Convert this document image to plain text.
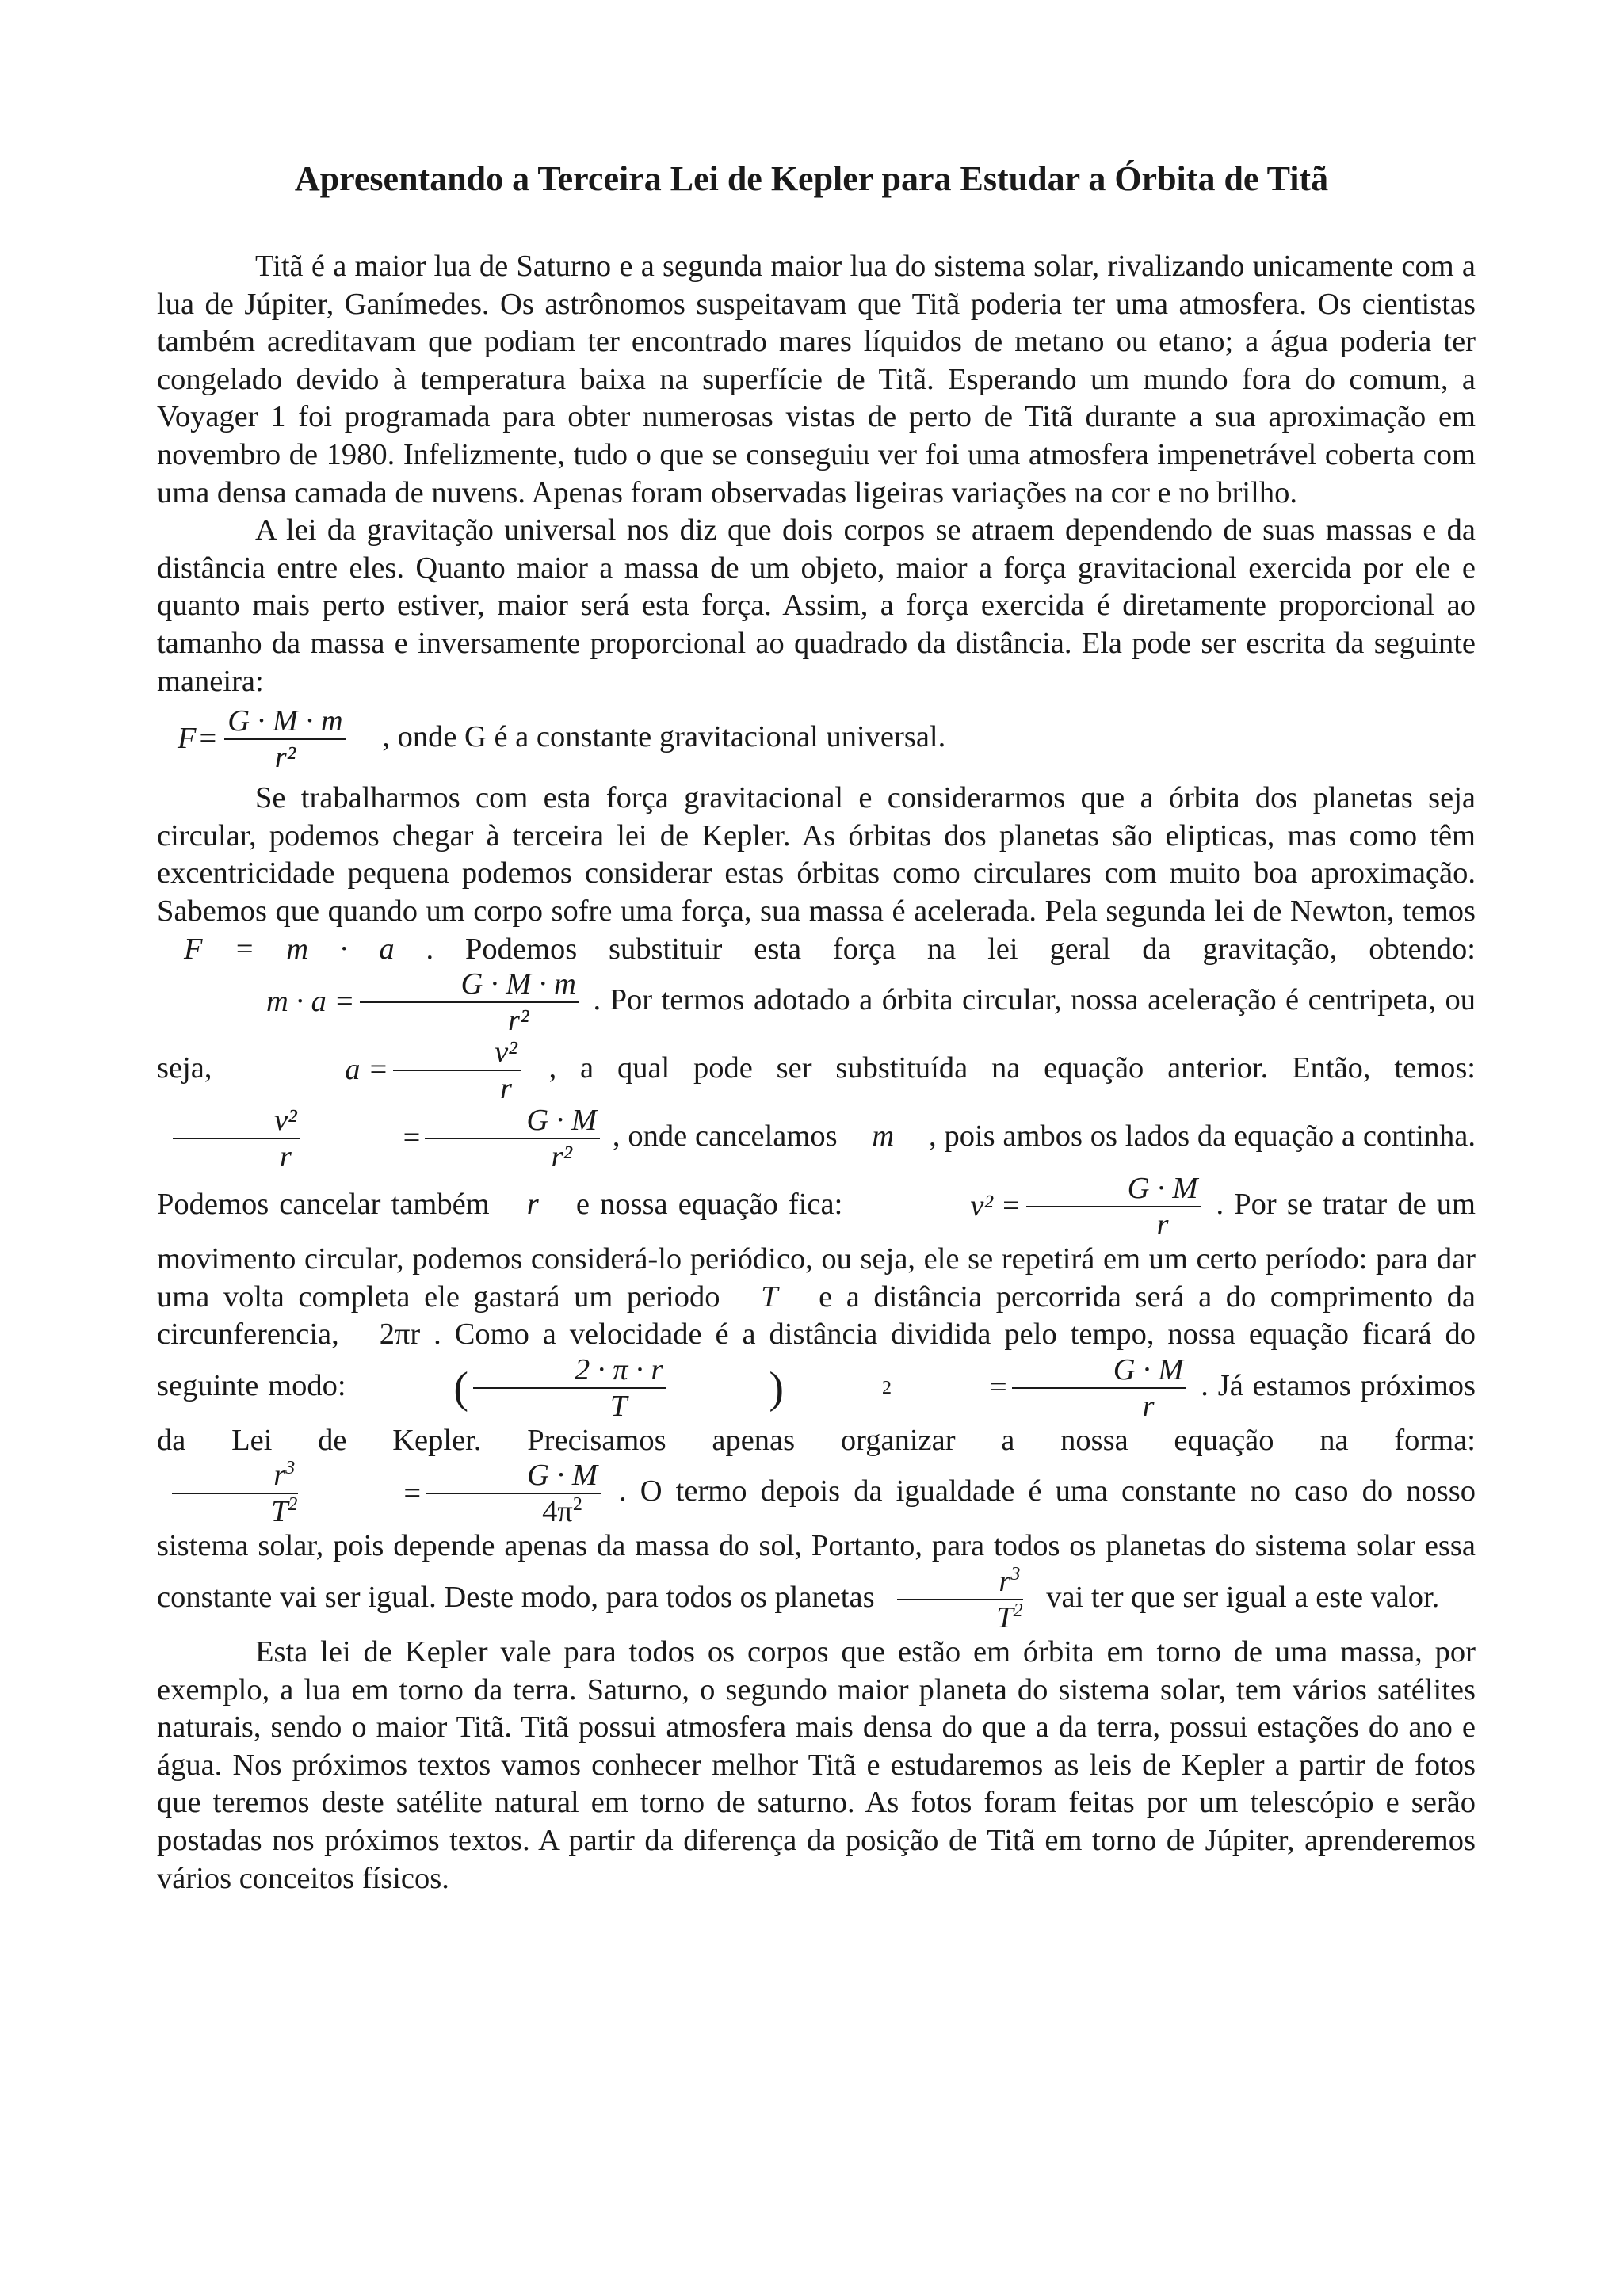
Apresentando a Terceira Lei de Kepler para Estudar a Órbita de Titã

Titã é a maior lua de Saturno e a segunda maior lua do sistema solar, rivalizando unicamente com a lua de Júpiter, Ganímedes. Os astrônomos suspeitavam que Titã poderia ter uma atmosfera. Os cientistas também acreditavam que podiam ter encontrado mares líquidos de metano ou etano; a água poderia ter congelado devido à temperatura baixa na superfície de Titã. Esperando um mundo fora do comum, a Voyager 1 foi programada para obter numerosas vistas de perto de Titã durante a sua aproximação em novembro de 1980. Infelizmente, tudo o que se conseguiu ver foi uma atmosfera impenetrável coberta com uma densa camada de nuvens. Apenas foram observadas ligeiras variações na cor e no brilho.

A lei da gravitação universal nos diz que dois corpos se atraem dependendo de suas massas e da distância entre eles. Quanto maior a massa de um objeto, maior a força gravitacional exercida por ele e quanto mais perto estiver, maior será esta força. Assim, a força exercida é diretamente proporcional ao tamanho da massa e inversamente proporcional ao quadrado da distância. Ela pode ser escrita da seguinte maneira:

$F = \frac{G \cdot M \cdot m}{\text{r²}}$ , onde G é a constante gravitacional universal.

Se trabalharmos com esta força gravitacional e considerarmos que a órbita dos planetas seja circular, podemos chegar à terceira lei de Kepler. As órbitas dos planetas são elipticas, mas como têm excentricidade pequena podemos considerar estas órbitas como circulares com muito boa aproximação. Sabemos que quando um corpo sofre uma força, sua massa é acelerada. Pela segunda lei de Newton, temos F = m · a . Podemos substituir esta força na lei geral da gravitação, obtendo:
$m \cdot a = \frac{G \cdot M \cdot m}{\text{r²}}$ . Por termos adotado a órbita circular, nossa aceleração é centripeta, ou seja,	$a = \frac{\text{v²}}{r}$ , a qual pode ser substituída na equação anterior. Então, temos:
$\frac{\text{v²}}{r}$	= $\frac{G \cdot M}{\text{r²}}$ , onde cancelamos m , pois ambos os lados da equação a continha. Podemos cancelar também r e nossa equação fica:	$v^2 = \frac{G \cdot M}{r}$ . Por se tratar de um movimento circular, podemos considerá-lo periódico, ou seja, ele se repetirá em um certo período: para dar uma volta completa ele gastará um periodo T e a distância percorrida será a do comprimento da circunferencia, 2πr . Como a velocidade é a distância dividida pelo tempo, nossa equação ficará do seguinte modo:	( $\frac{2 \cdot \pi \cdot r}{T}$	)	2	= $\frac{G \cdot M}{r}$ . Já estamos próximos da Lei de Kepler. Precisamos apenas organizar a nossa equação na forma:
$\frac{r^3}{T^2}$	= $\frac{G \cdot M}{4\pi^2}$ . O termo depois da igualdade é uma constante no caso do nosso sistema solar, pois depende apenas da massa do sol, Portanto, para todos os planetas do sistema solar essa constante vai ser igual. Deste modo, para todos os planetas $\frac{r^3}{T^2}$ vai ter que ser igual a este valor.

Esta lei de Kepler vale para todos os corpos que estão em órbita em torno de uma massa, por exemplo, a lua em torno da terra. Saturno, o segundo maior planeta do sistema solar, tem vários satélites naturais, sendo o maior Titã. Titã possui atmosfera mais densa do que a da terra, possui estações do ano e água. Nos próximos textos vamos conhecer melhor Titã e estudaremos as leis de Kepler a partir de fotos que teremos deste satélite natural em torno de saturno. As fotos foram feitas por um telescópio e serão postadas nos próximos textos. A partir da diferença da posição de Titã em torno de Júpiter, aprenderemos vários conceitos físicos.
